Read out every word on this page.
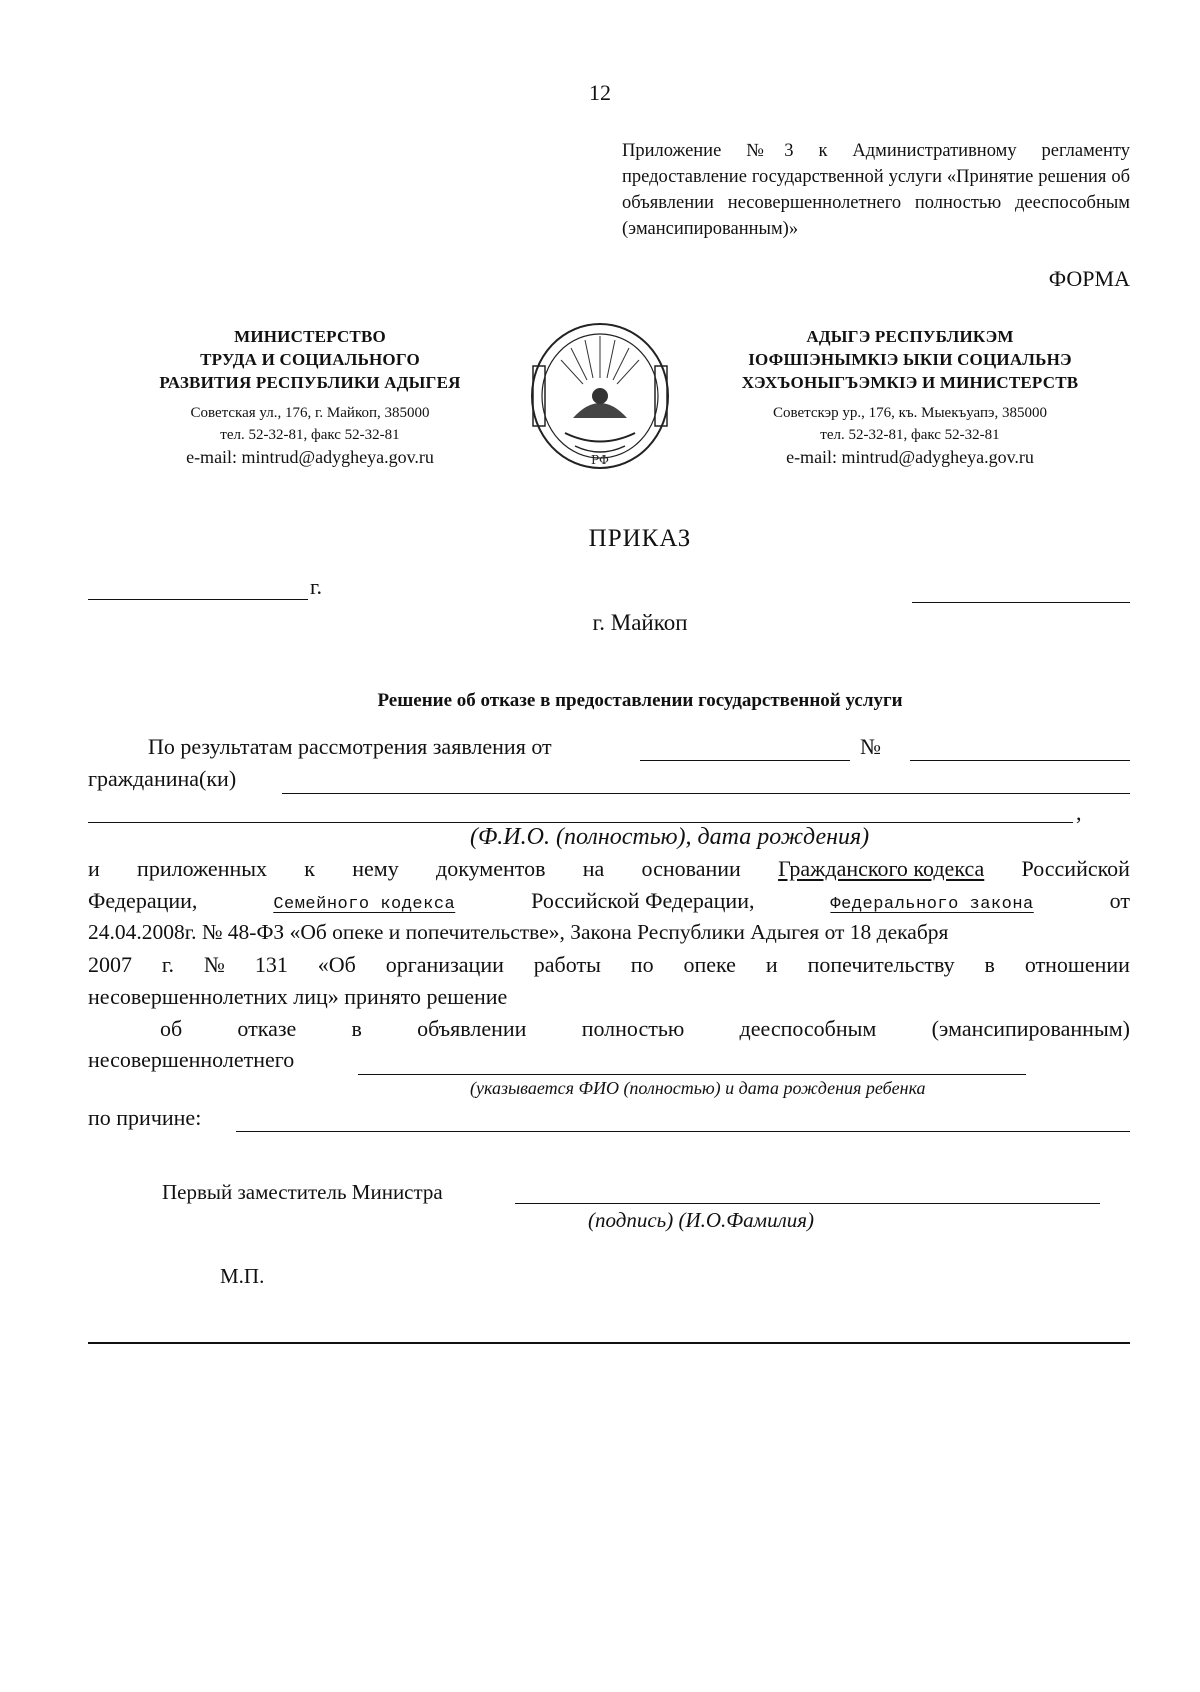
12
Приложение №3 к Административному регламенту предоставление государственной услуги «Принятие решения об объявлении несовершеннолетнего полностью дееспособным (эмансипированным)»
ФОРМА
МИНИСТЕРСТВО
ТРУДА И СОЦИАЛЬНОГО
РАЗВИТИЯ РЕСПУБЛИКИ АДЫГЕЯ
Советская ул., 176, г. Майкоп, 385000
тел. 52-32-81, факс 52-32-81
e-mail: mintrud@adygheya.gov.ru	РФ
АДЫГЭ РЕСПУБЛИКЭМ
IОФШIЭНЫМКIЭ ЫКIИ СОЦИАЛЬНЭ
ХЭХЪОНЫГЪЭМКIЭ И МИНИСТЕРСТВ
Советскэр ур., 176, къ. Мыекъуапэ, 385000
тел. 52-32-81, факс 52-32-81
e-mail: mintrud@adygheya.gov.ru
ПРИКАЗ
г.
г. Майкоп
Решение об отказе в предоставлении государственной услуги
По результатам рассмотрения заявления от	№
гражданина(ки)
,
(Ф.И.О. (полностью), дата рождения)
и приложенных к нему документов на основании Гражданского кодекса Российской
Федерации,	Семейного кодекса	Российской Федерации,	Федерального закона	от
24.04.2008г. № 48-ФЗ «Об опеке и попечительстве», Закона Республики Адыгея от 18 декабря
2007 г. № 131 «Об организации работы по опеке и попечительству в отношении
несовершеннолетних лиц» принято решение
об	отказе	в	объявлении	полностью	дееспособным	(эмансипированным)
несовершеннолетнего
(указывается ФИО (полностью) и дата рождения ребенка
по причине:
Первый заместитель Министра
(подпись) (И.О.Фамилия)
М.П.
